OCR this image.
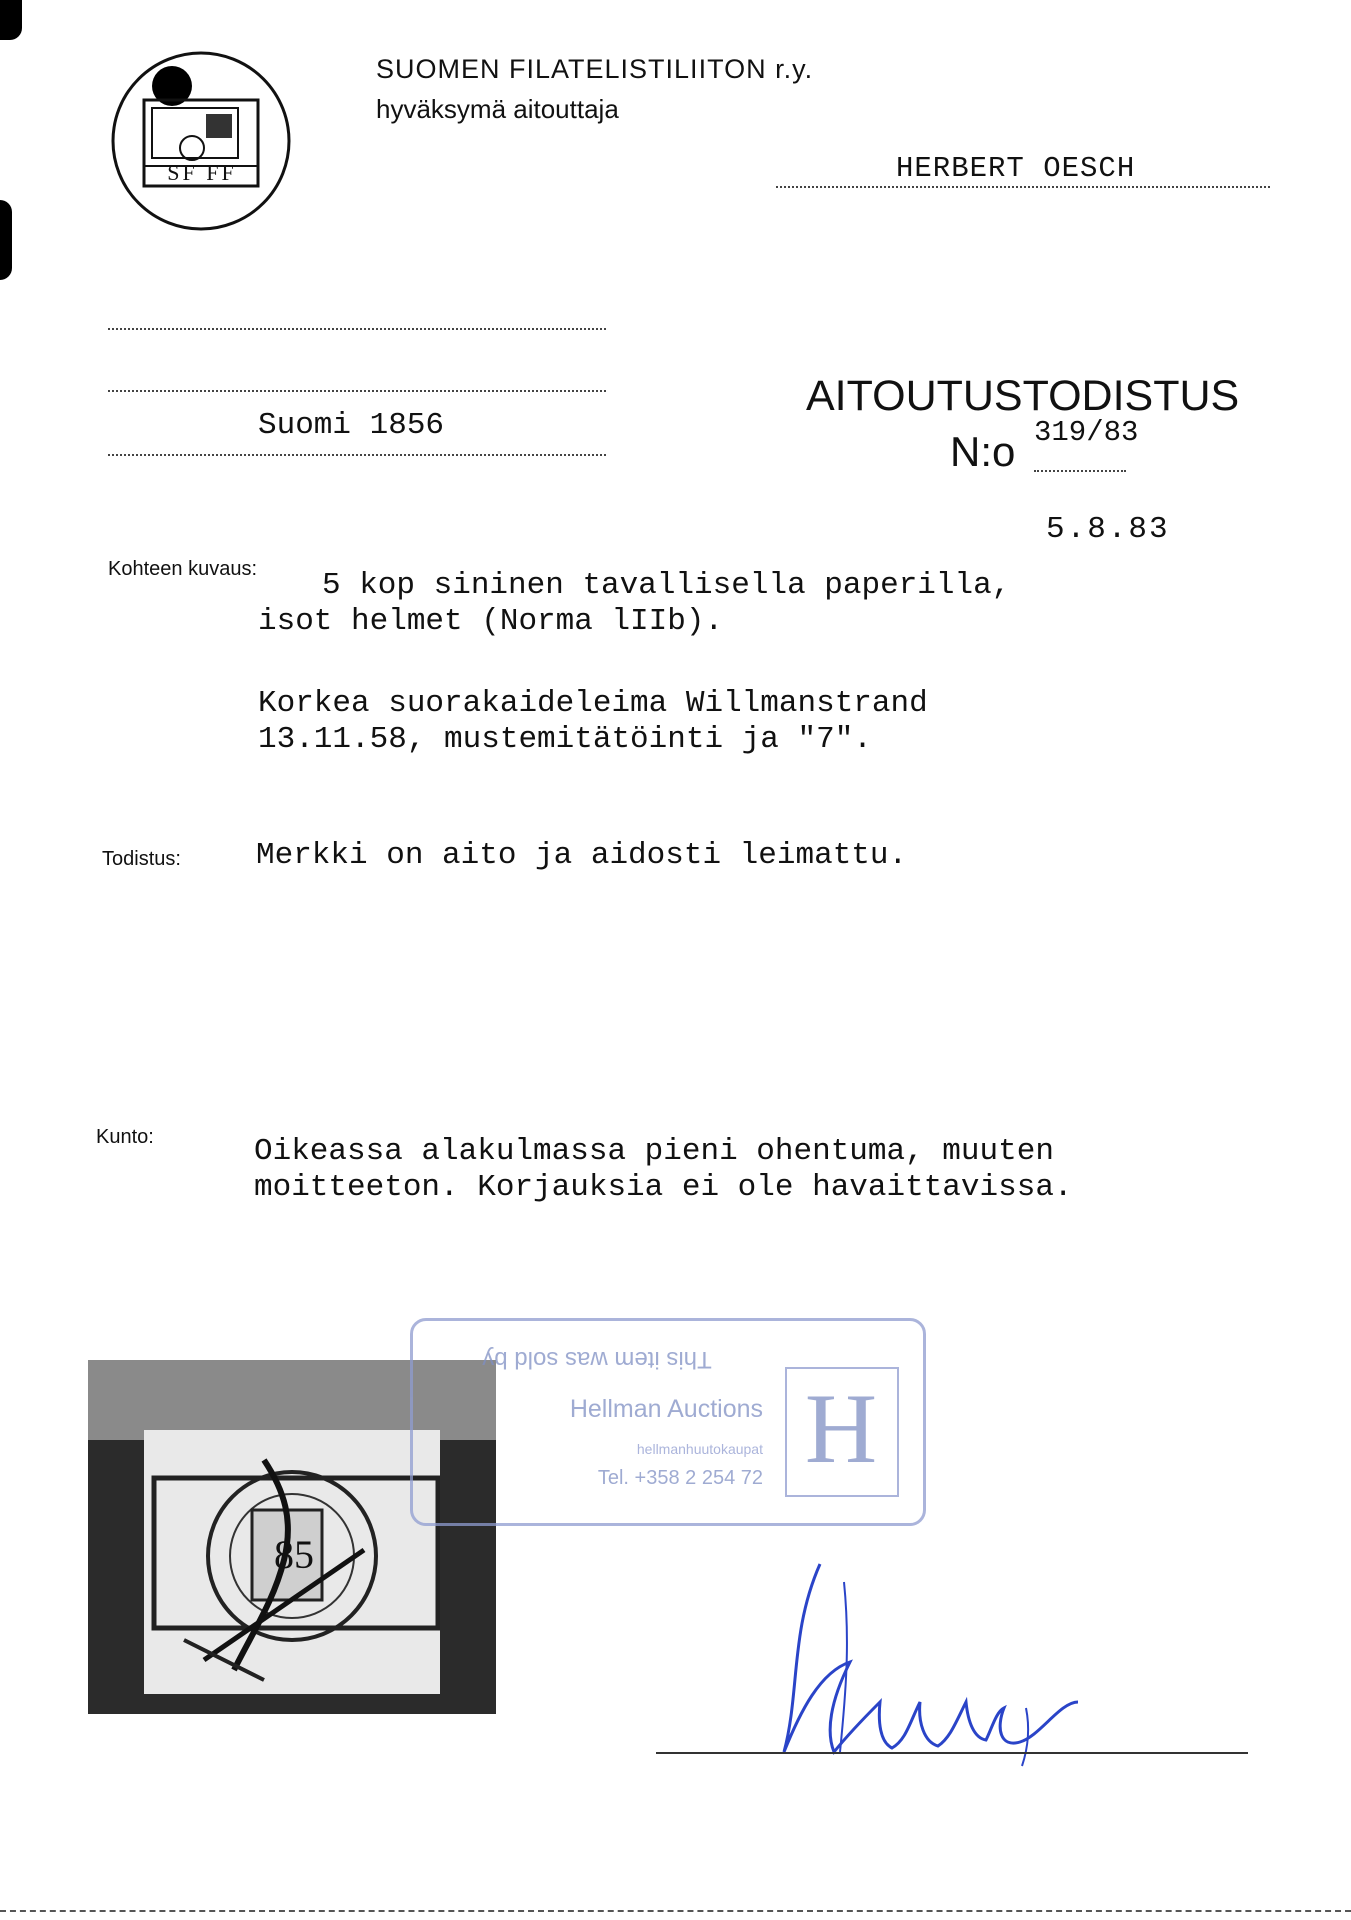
SF FF
SUOMEN FILATELISTILIITON r.y.
hyväksymä aitouttaja
HERBERT OESCH
Suomi 1856
AITOUTUSTODISTUS
N:o 319/83
5.8.83
Kohteen kuvaus: 5 kop sininen tavallisella paperilla,
isot helmet (Norma lIIb).
Korkea suorakaideleima Willmanstrand
13.11.58, mustemitätöinti ja "7".
Todistus: Merkki on aito ja aidosti leimattu.
Kunto:	Oikeassa alakulmassa pieni ohentuma, muuten
moitteeton. Korjauksia ei ole havaittavissa.
85
This item was sold by
Hellman Auctions
hellmanhuutokaupat
Tel. +358 2 254 72 H
